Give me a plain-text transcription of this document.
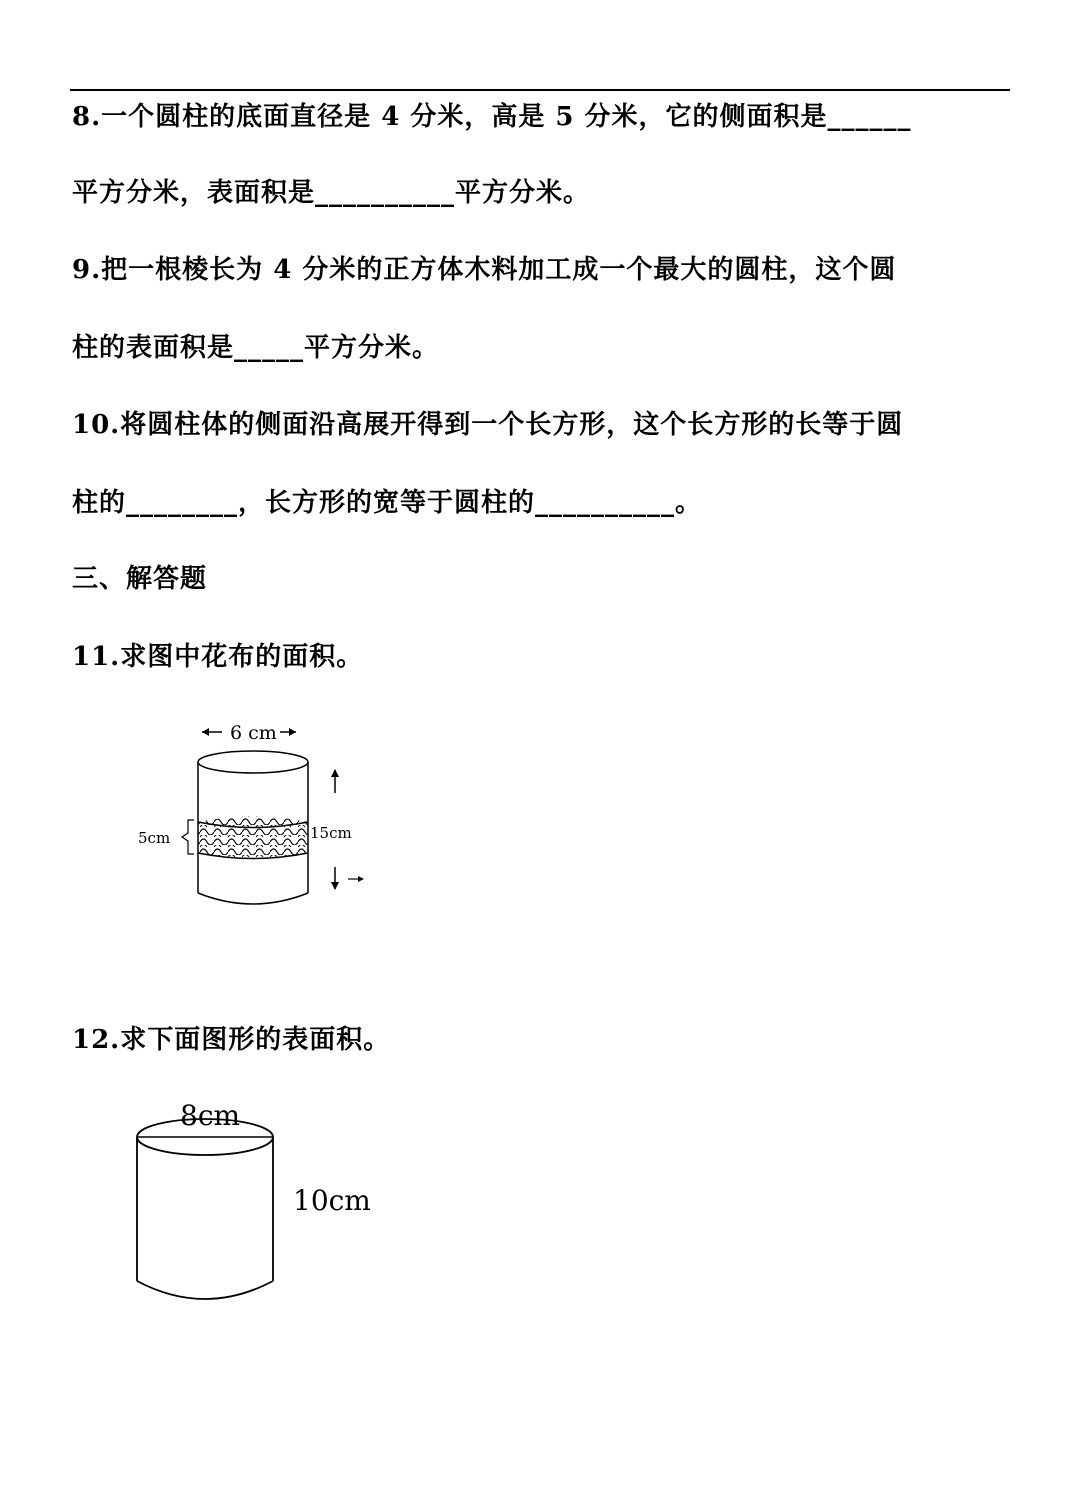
8.一个圆柱的底面直径是 4 分米，高是 5 分米，它的侧面积是______
平方分米，表面积是__________平方分米。
9.把一根棱长为 4 分米的正方体木料加工成一个最大的圆柱，这个圆
柱的表面积是_____平方分米。
10.将圆柱体的侧面沿高展开得到一个长方形，这个长方形的长等于圆
柱的________，长方形的宽等于圆柱的__________。
三、解答题
11.求图中花布的面积。
6 cm
5cm	15cm
12.求下面图形的表面积。
8cm
10cm
